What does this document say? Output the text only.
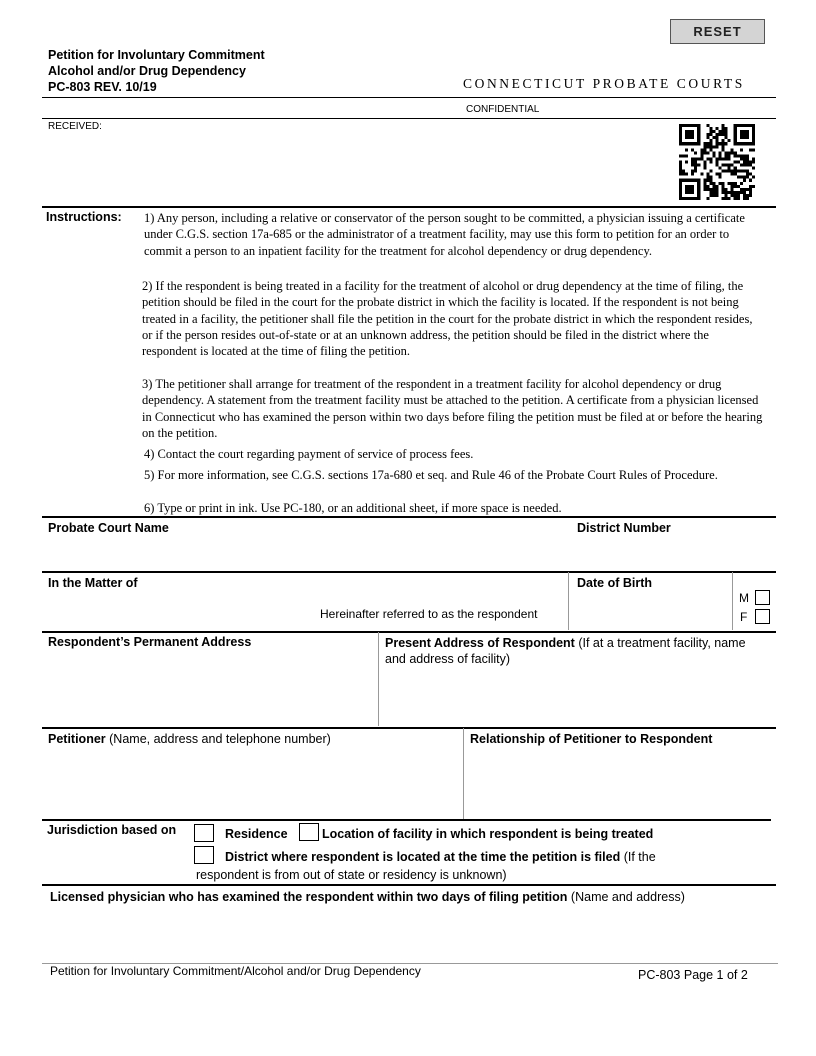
RESET
Petition for Involuntary Commitment
Alcohol and/or Drug Dependency
PC-803 REV. 10/19	CONNECTICUT PROBATE COURTS
CONFIDENTIAL
RECEIVED:
Instructions: 1) Any person, including a relative or conservator of the person sought to be committed, a physician issuing a certificate under C.G.S. section 17a-685 or the administrator of a treatment facility, may use this form to petition for an order to commit a person to an inpatient facility for the treatment for alcohol dependency or drug dependency.
2) If the respondent is being treated in a facility for the treatment of alcohol or drug dependency at the time of filing, the petition should be filed in the court for the probate district in which the facility is located. If the respondent is not being treated in a facility, the petitioner shall file the petition in the court for the probate district in which the respondent resides, or if the person resides out-of-state or at an unknown address, the petition should be filed in the district where the respondent is located at the time of filing the petition.
3) The petitioner shall arrange for treatment of the respondent in a treatment facility for alcohol dependency or drug dependency. A statement from the treatment facility must be attached to the petition. A certificate from a physician licensed in Connecticut who has examined the person within two days before filing the petition must be filed at or before the hearing on the petition.
4) Contact the court regarding payment of service of process fees.
5) For more information, see C.G.S. sections 17a-680 et seq. and Rule 46 of the Probate Court Rules of Procedure.
6) Type or print in ink. Use PC-180, or an additional sheet, if more space is needed.
Probate Court Name	District Number
In the Matter of
Hereinafter referred to as the respondent
Date of Birth
M
F
Respondent’s Permanent Address	Present Address of Respondent (If at a treatment facility, name and address of facility)
Petitioner (Name, address and telephone number)	Relationship of Petitioner to Respondent
Jurisdiction based on	Residence	Location of facility in which respondent is being treated
District where respondent is located at the time the petition is filed (If the
respondent is from out of state or residency is unknown)
Licensed physician who has examined the respondent within two days of filing petition (Name and address)
Petition for Involuntary Commitment/Alcohol and/or Drug Dependency	PC-803 Page 1 of 2
